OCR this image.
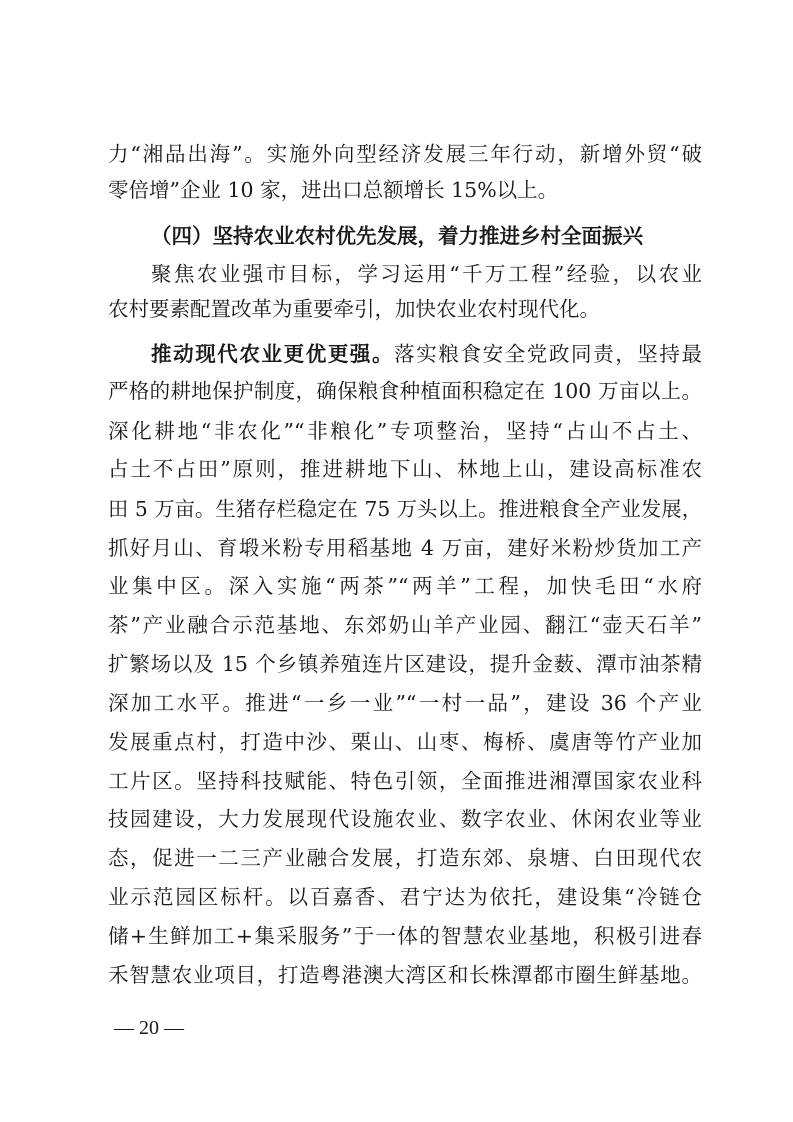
力“湘品出海”。实施外向型经济发展三年行动，新增外贸“破
零倍增”企业 10 家，进出口总额增长 15%以上。
（四）坚持农业农村优先发展，着力推进乡村全面振兴
聚焦农业强市目标，学习运用“千万工程”经验，以农业
农村要素配置改革为重要牵引，加快农业农村现代化。
推动现代农业更优更强。落实粮食安全党政同责，坚持最
严格的耕地保护制度，确保粮食种植面积稳定在 100 万亩以上。
深化耕地“非农化”“非粮化”专项整治，坚持“占山不占土、
占土不占田”原则，推进耕地下山、林地上山，建设高标准农
田 5 万亩。生猪存栏稳定在 75 万头以上。推进粮食全产业发展，
抓好月山、育塅米粉专用稻基地 4 万亩，建好米粉炒货加工产
业集中区。深入实施“两茶”“两羊”工程，加快毛田“水府
茶”产业融合示范基地、东郊奶山羊产业园、翻江“壶天石羊”
扩繁场以及 15 个乡镇养殖连片区建设，提升金薮、潭市油茶精
深加工水平。推进“一乡一业”“一村一品”，建设 36 个产业
发展重点村，打造中沙、栗山、山枣、梅桥、虞唐等竹产业加
工片区。坚持科技赋能、特色引领，全面推进湘潭国家农业科
技园建设，大力发展现代设施农业、数字农业、休闲农业等业
态，促进一二三产业融合发展，打造东郊、泉塘、白田现代农
业示范园区标杆。以百嘉香、君宁达为依托，建设集“冷链仓
储+生鲜加工+集采服务”于一体的智慧农业基地，积极引进春
禾智慧农业项目，打造粤港澳大湾区和长株潭都市圈生鲜基地。
— 20 —
